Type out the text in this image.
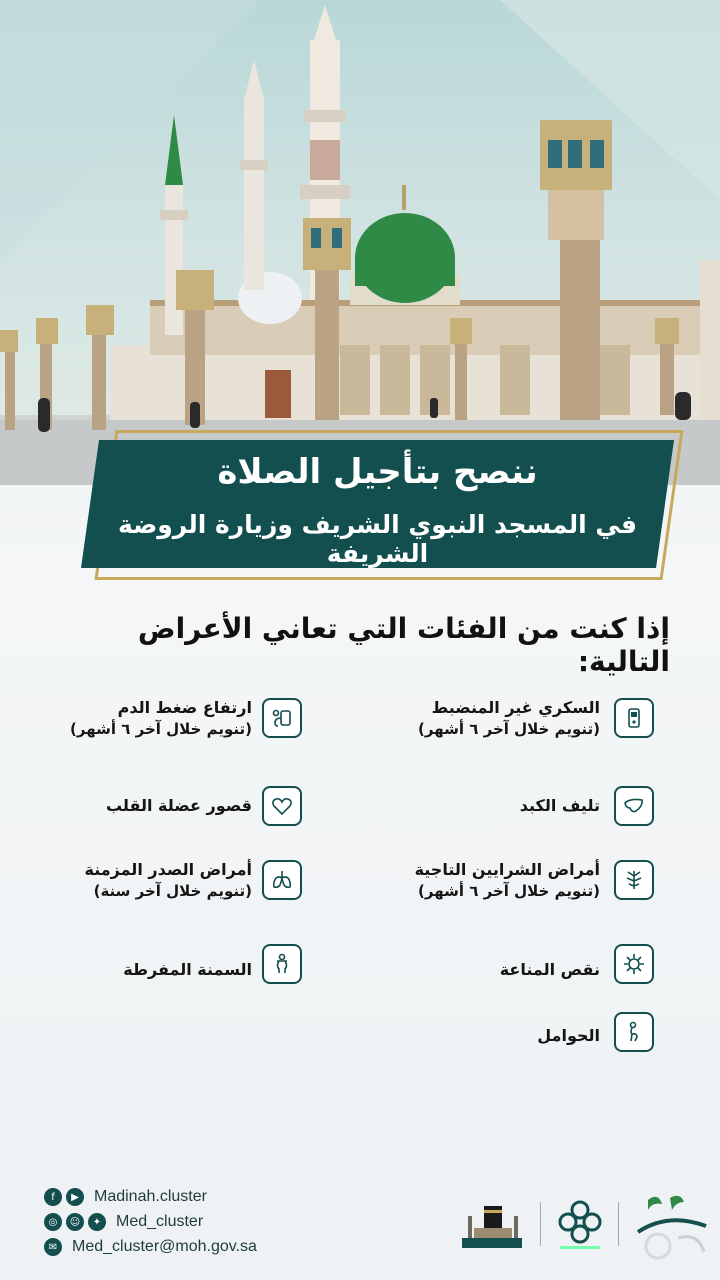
ننصح بتأجيل الصلاة
في المسجد النبوي الشريف وزيارة الروضة الشريفة
إذا كنت من الفئات التي تعاني الأعراض التالية:
السكري غير المنضبط
(تنويم خلال آخر ٦ أشهر)
تليف الكبد
أمراض الشرايين التاجية
(تنويم خلال آخر ٦ أشهر)
نقص المناعة
الحوامل
ارتفاع ضغط الدم
(تنويم خلال آخر ٦ أشهر)
قصور عضلة القلب
أمراض الصدر المزمنة
(تنويم خلال آخر سنة)
السمنة المفرطة
f	▶ Madinah.cluster
◎	☺	✦ Med_cluster
✉ Med_cluster@moh.gov.sa
